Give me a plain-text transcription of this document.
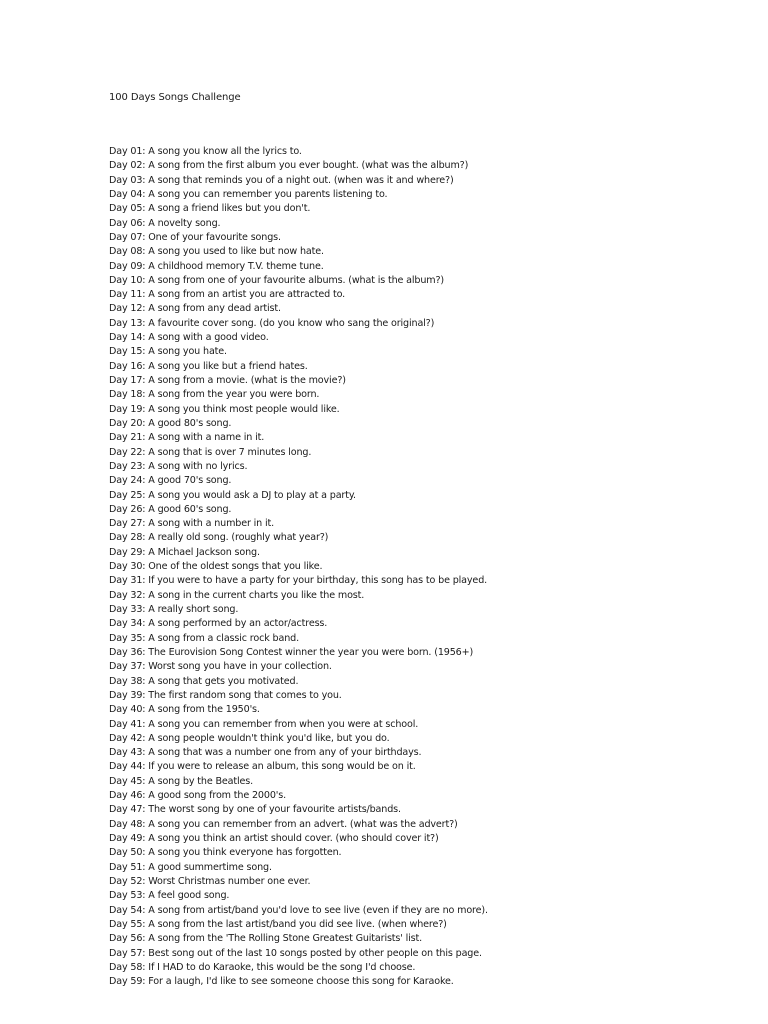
100 Days Songs Challenge
Day 01: A song you know all the lyrics to.
Day 02: A song from the first album you ever bought. (what was the album?)
Day 03: A song that reminds you of a night out. (when was it and where?)
Day 04: A song you can remember you parents listening to.
Day 05: A song a friend likes but you don't.
Day 06: A novelty song.
Day 07: One of your favourite songs.
Day 08: A song you used to like but now hate.
Day 09: A childhood memory T.V. theme tune.
Day 10: A song from one of your favourite albums. (what is the album?)
Day 11: A song from an artist you are attracted to.
Day 12: A song from any dead artist.
Day 13: A favourite cover song. (do you know who sang the original?)
Day 14: A song with a good video.
Day 15: A song you hate.
Day 16: A song you like but a friend hates.
Day 17: A song from a movie. (what is the movie?)
Day 18: A song from the year you were born.
Day 19: A song you think most people would like.
Day 20: A good 80's song.
Day 21: A song with a name in it.
Day 22: A song that is over 7 minutes long.
Day 23: A song with no lyrics.
Day 24: A good 70's song.
Day 25: A song you would ask a DJ to play at a party.
Day 26: A good 60's song.
Day 27: A song with a number in it.
Day 28: A really old song. (roughly what year?)
Day 29: A Michael Jackson song.
Day 30: One of the oldest songs that you like.
Day 31: If you were to have a party for your birthday, this song has to be played.
Day 32: A song in the current charts you like the most.
Day 33: A really short song.
Day 34: A song performed by an actor/actress.
Day 35: A song from a classic rock band.
Day 36: The Eurovision Song Contest winner the year you were born. (1956+)
Day 37: Worst song you have in your collection.
Day 38: A song that gets you motivated.
Day 39: The first random song that comes to you.
Day 40: A song from the 1950's.
Day 41: A song you can remember from when you were at school.
Day 42: A song people wouldn't think you'd like, but you do.
Day 43: A song that was a number one from any of your birthdays.
Day 44: If you were to release an album, this song would be on it.
Day 45: A song by the Beatles.
Day 46: A good song from the 2000's.
Day 47: The worst song by one of your favourite artists/bands.
Day 48: A song you can remember from an advert. (what was the advert?)
Day 49: A song you think an artist should cover. (who should cover it?)
Day 50: A song you think everyone has forgotten.
Day 51: A good summertime song.
Day 52: Worst Christmas number one ever.
Day 53: A feel good song.
Day 54: A song from artist/band you'd love to see live (even if they are no more).
Day 55: A song from the last artist/band you did see live. (when where?)
Day 56: A song from the 'The Rolling Stone Greatest Guitarists' list.
Day 57: Best song out of the last 10 songs posted by other people on this page.
Day 58: If I HAD to do Karaoke, this would be the song I'd choose.
Day 59: For a laugh, I'd like to see someone choose this song for Karaoke.
